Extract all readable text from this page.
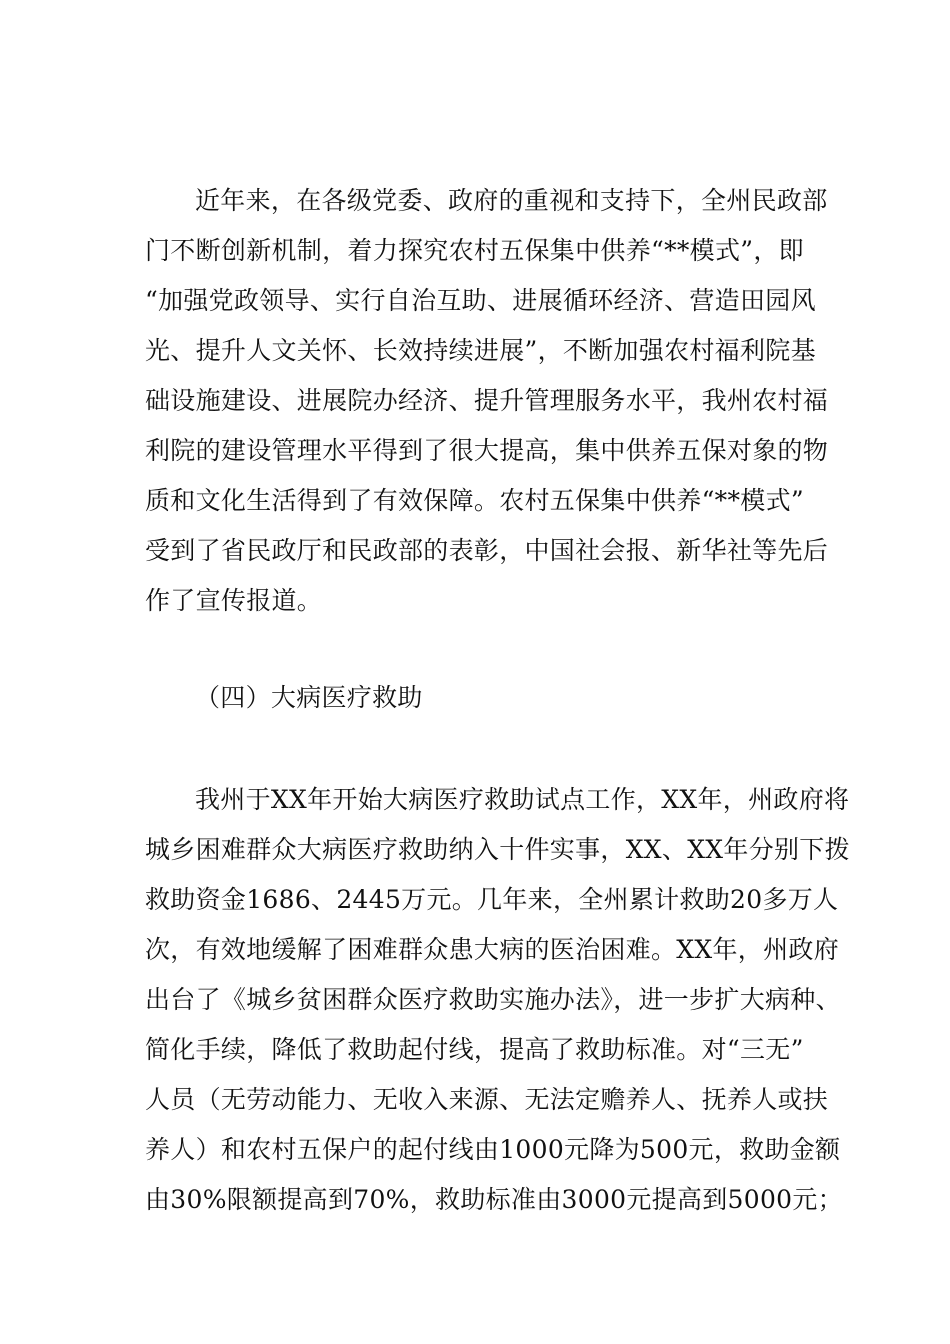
近年来，在各级党委、政府的重视和支持下，全州民政部
门不断创新机制，着力探究农村五保集中供养“**模式”，即
“加强党政领导、实行自治互助、进展循环经济、营造田园风
光、提升人文关怀、长效持续进展”，不断加强农村福利院基
础设施建设、进展院办经济、提升管理服务水平，我州农村福
利院的建设管理水平得到了很大提高，集中供养五保对象的物
质和文化生活得到了有效保障。农村五保集中供养“**模式”
受到了省民政厅和民政部的表彰，中国社会报、新华社等先后
作了宣传报道。

（四）大病医疗救助

我州于XX年开始大病医疗救助试点工作，XX年，州政府将
城乡困难群众大病医疗救助纳入十件实事，XX、XX年分别下拨
救助资金1686、2445万元。几年来，全州累计救助20多万人
次，有效地缓解了困难群众患大病的医治困难。XX年，州政府
出台了《城乡贫困群众医疗救助实施办法》，进一步扩大病种、
简化手续，降低了救助起付线，提高了救助标准。对“三无”
人员（无劳动能力、无收入来源、无法定赡养人、抚养人或扶
养人）和农村五保户的起付线由1000元降为500元，救助金额
由30%限额提高到70%，救助标准由3000元提高到5000元；
